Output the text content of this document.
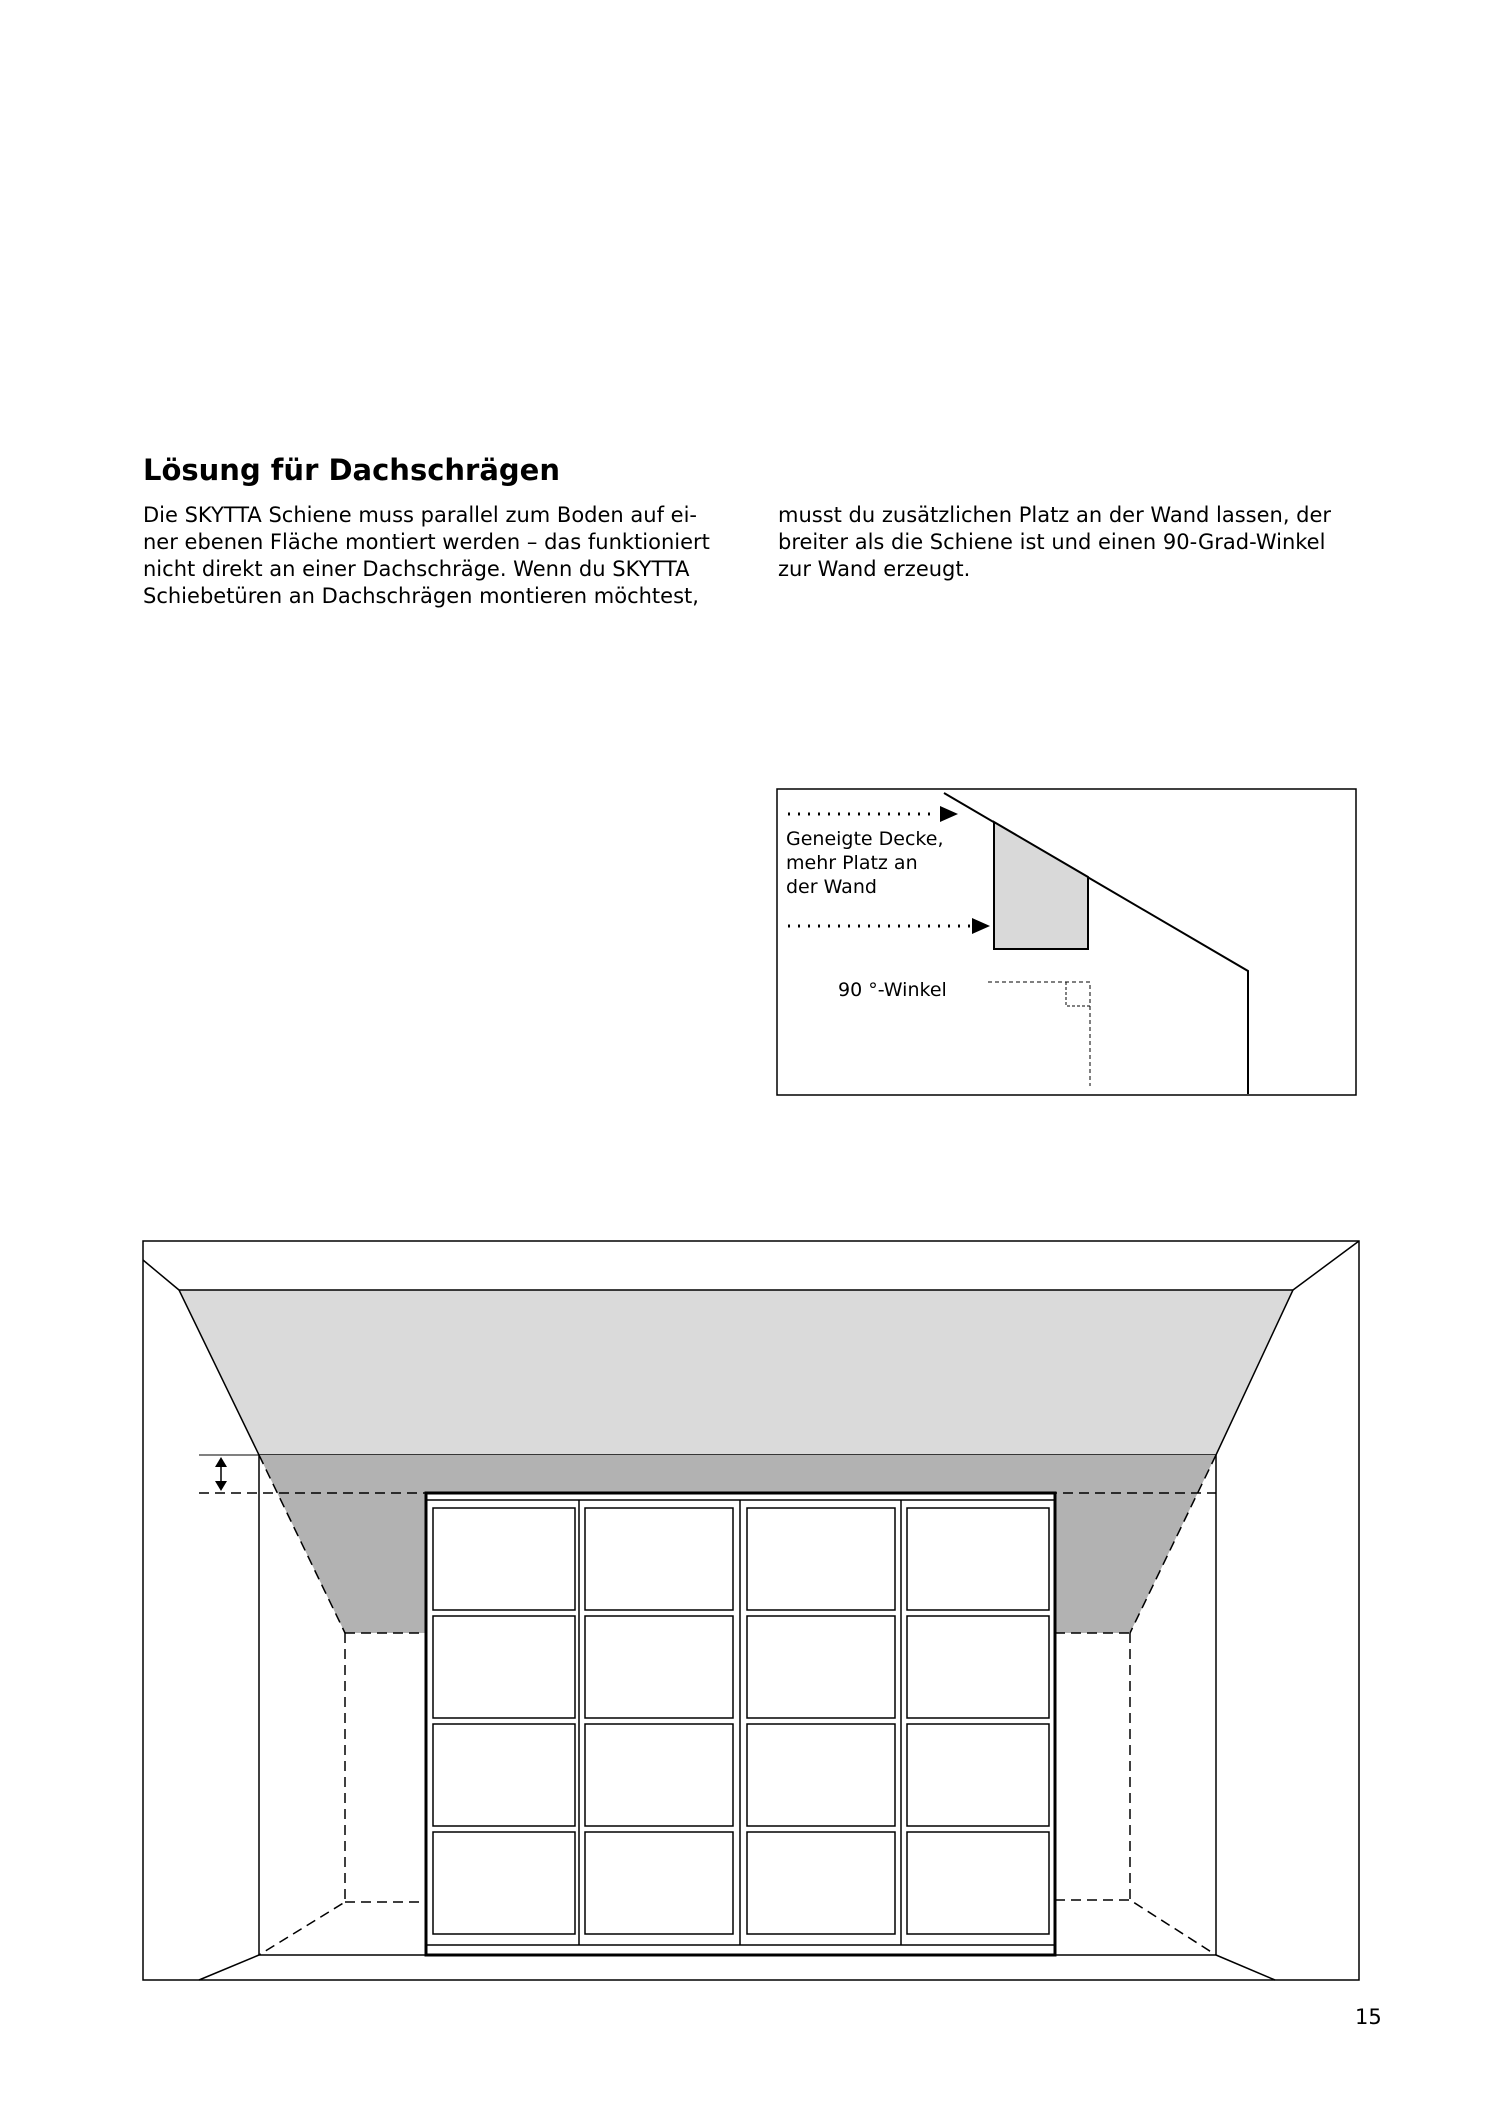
Lösung für Dachschrägen
Die SKYTTA Schiene muss parallel zum Boden auf ei-
ner ebenen Fläche montiert werden – das funktioniert
nicht direkt an einer Dachschräge. Wenn du SKYTTA
Schiebetüren an Dachschrägen montieren möchtest,
musst du zusätzlichen Platz an der Wand lassen, der
breiter als die Schiene ist und einen 90-Grad-Winkel
zur Wand erzeugt.
Geneigte Decke, mehr Platz an der Wand
90 °-Winkel
15
